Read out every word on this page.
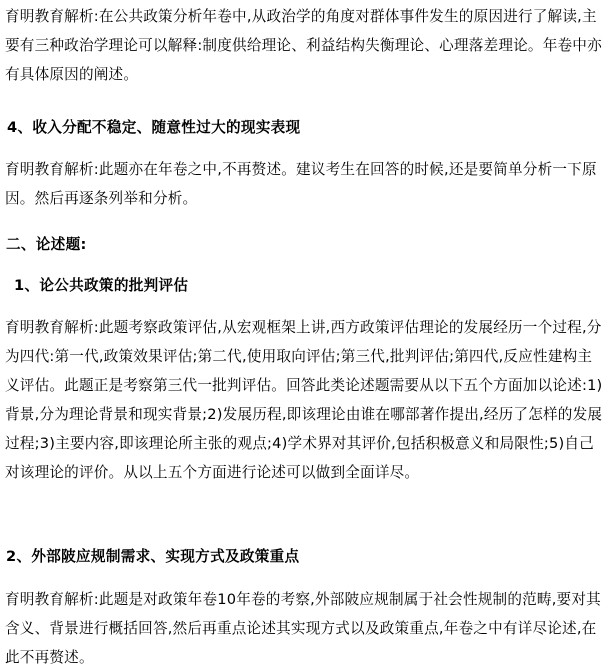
育明教育解析:在公共政策分析年卷中,从政治学的角度对群体事件发生的原因进行了解读,主要有三种政治学理论可以解释:制度供给理论、利益结构失衡理论、心理落差理论。年卷中亦有具体原因的阐述。
4、收入分配不稳定、随意性过大的现实表现
育明教育解析:此题亦在年卷之中,不再赘述。建议考生在回答的时候,还是要简单分析一下原因。然后再逐条列举和分析。
二、论述题:
1、论公共政策的批判评估
育明教育解析:此题考察政策评估,从宏观框架上讲,西方政策评估理论的发展经历一个过程,分为四代:第一代,政策效果评估;第二代,使用取向评估;第三代,批判评估;第四代,反应性建构主义评估。此题正是考察第三代一批判评估。回答此类论述题需要从以下五个方面加以论述:1)背景,分为理论背景和现实背景;2)发展历程,即该理论由谁在哪部著作提出,经历了怎样的发展过程;3)主要内容,即该理论所主张的观点;4)学术界对其评价,包括积极意义和局限性;5)自己对该理论的评价。从以上五个方面进行论述可以做到全面详尽。
2、外部陂应规制需求、实现方式及政策重点
育明教育解析:此题是对政策年卷10年卷的考察,外部陂应规制属于社会性规制的范畴,要对其含义、背景进行概括回答,然后再重点论述其实现方式以及政策重点,年卷之中有详尽论述,在此不再赘述。
